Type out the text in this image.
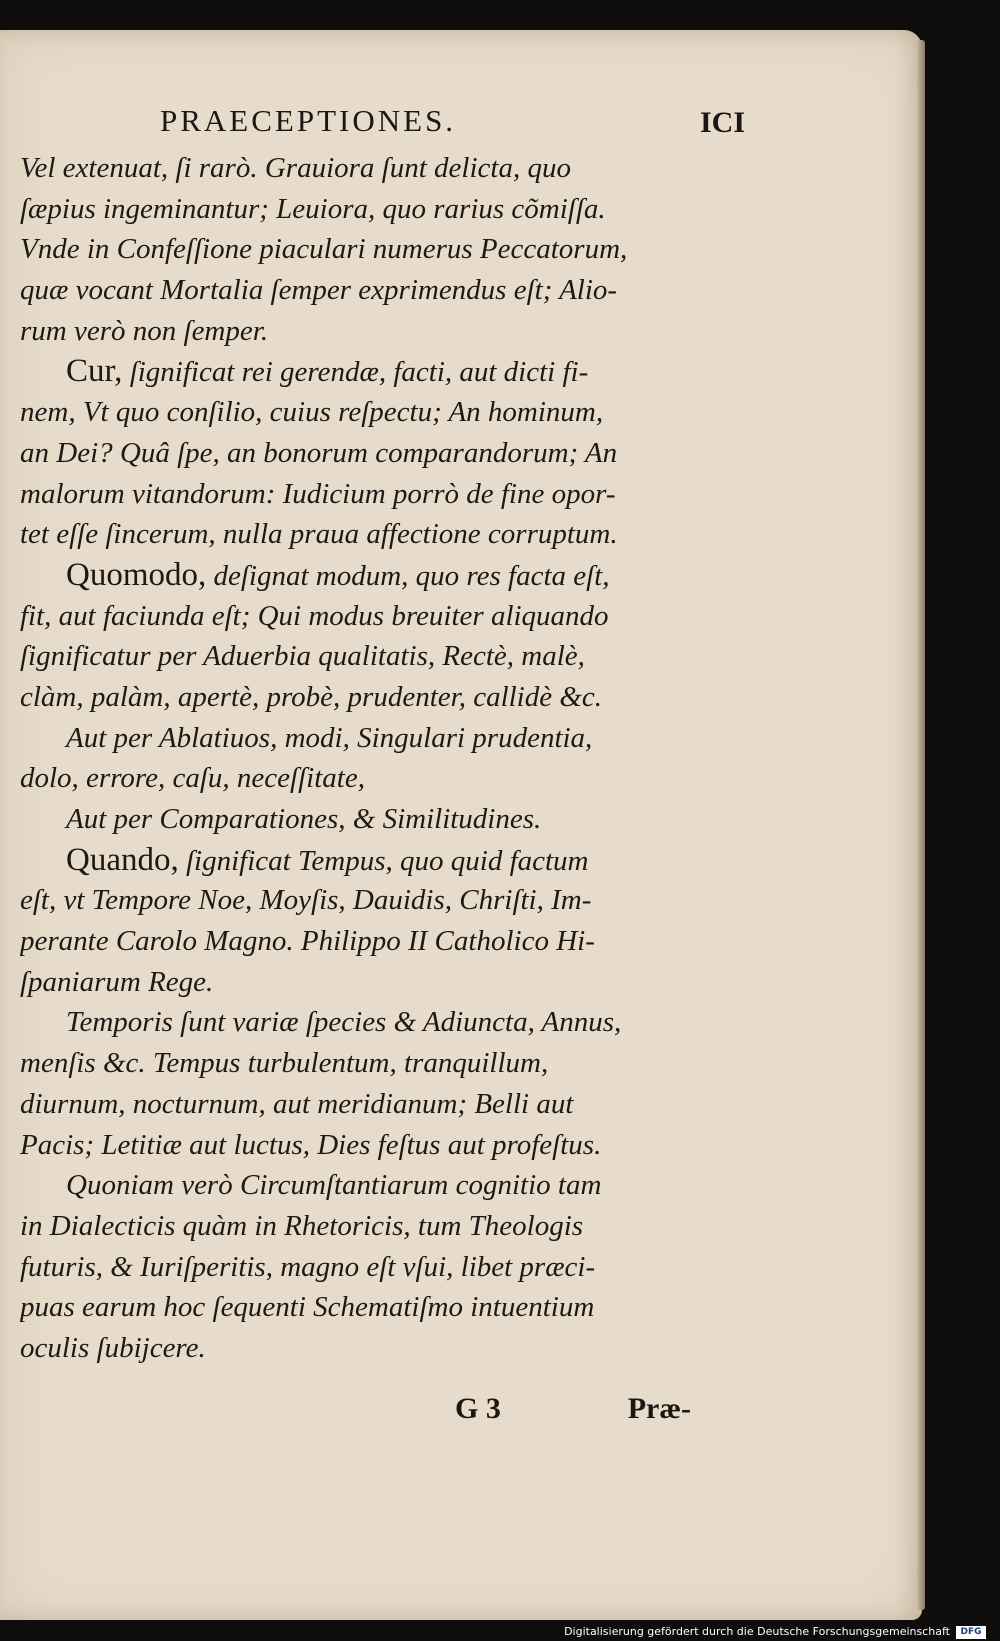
PRAECEPTIONES.	ICI
Vel extenuat, ſi rarò. Grauiora ſunt delicta, quo
ſæpius ingeminantur; Leuiora, quo rarius cõmiſſa.
Vnde in Confeſſione piaculari numerus Peccatorum,
quæ vocant Mortalia ſemper exprimendus eſt; Alio-
rum verò non ſemper.
Cur, ſignificat rei gerendæ, facti, aut dicti fi-
nem, Vt quo conſilio, cuius reſpectu; An hominum,
an Dei? Quâ ſpe, an bonorum comparandorum; An
malorum vitandorum: Iudicium porrò de fine opor-
tet eſſe ſincerum, nulla praua affectione corruptum.
Quomodo, deſignat modum, quo res facta eſt,
fit, aut faciunda eſt; Qui modus breuiter aliquando
ſignificatur per Aduerbia qualitatis, Rectè, malè,
clàm, palàm, apertè, probè, prudenter, callidè &c.
Aut per Ablatiuos, modi, Singulari prudentia,
dolo, errore, caſu, neceſſitate,
Aut per Comparationes, & Similitudines.
Quando, ſignificat Tempus, quo quid factum
eſt, vt Tempore Noe, Moyſis, Dauidis, Chriſti, Im-
perante Carolo Magno. Philippo II Catholico Hi-
ſpaniarum Rege.
Temporis ſunt variæ ſpecies & Adiuncta, Annus,
menſis &c. Tempus turbulentum, tranquillum,
diurnum, nocturnum, aut meridianum; Belli aut
Pacis; Letitiæ aut luctus, Dies feſtus aut profeſtus.
Quoniam verò Circumſtantiarum cognitio tam
in Dialecticis quàm in Rhetoricis, tum Theologis
futuris, & Iuriſperitis, magno eſt vſui, libet præci-
puas earum hoc ſequenti Schematiſmo intuentium
oculis ſubijcere.
G 3	Præ-
Digitalisierung gefördert durch die Deutsche Forschungsgemeinschaft	DFG
